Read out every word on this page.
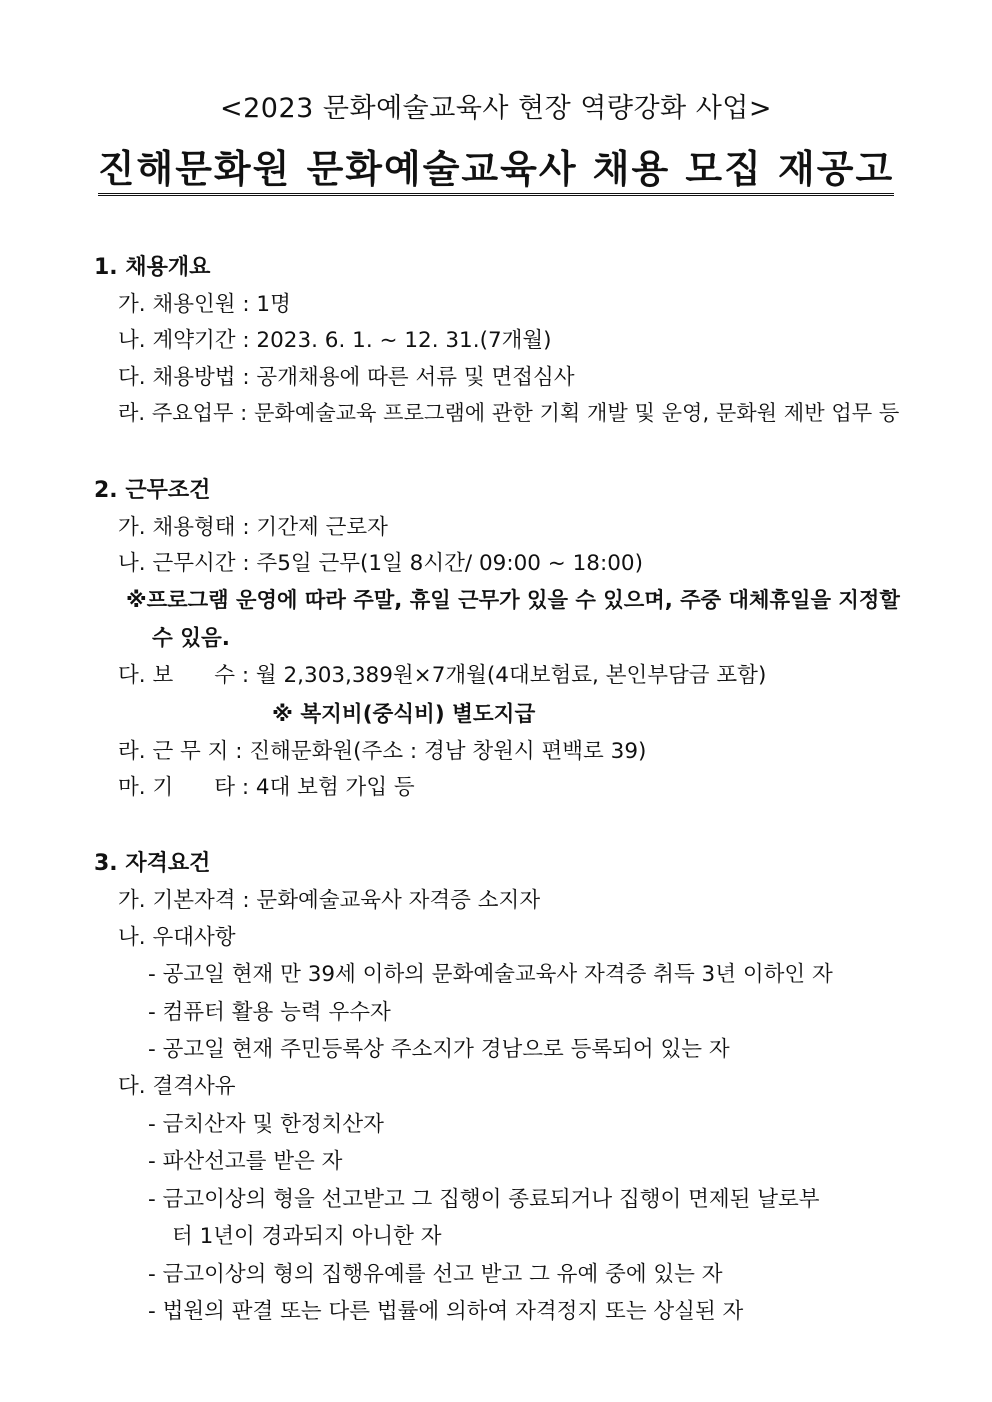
<2023 문화예술교육사 현장 역량강화 사업>
진해문화원 문화예술교육사 채용 모집 재공고
1. 채용개요
가. 채용인원 : 1명
나. 계약기간 : 2023. 6. 1. ~ 12. 31.(7개월)
다. 채용방법 : 공개채용에 따른 서류 및 면접심사
라. 주요업무 : 문화예술교육 프로그램에 관한 기획 개발 및 운영, 문화원 제반 업무 등
2. 근무조건
가. 채용형태 : 기간제 근로자
나. 근무시간 : 주5일 근무(1일 8시간/ 09:00 ~ 18:00)
※프로그램 운영에 따라 주말, 휴일 근무가 있을 수 있으며, 주중 대체휴일을 지정할
수 있음.
다. 보      수 : 월 2,303,389원×7개월(4대보험료, 본인부담금 포함)
※ 복지비(중식비) 별도지급
라. 근 무 지 : 진해문화원(주소 : 경남 창원시 편백로 39)
마. 기      타 : 4대 보험 가입 등
3. 자격요건
가. 기본자격 : 문화예술교육사 자격증 소지자
나. 우대사항
- 공고일 현재 만 39세 이하의 문화예술교육사 자격증 취득 3년 이하인 자
- 컴퓨터 활용 능력 우수자
- 공고일 현재 주민등록상 주소지가 경남으로 등록되어 있는 자
다. 결격사유
- 금치산자 및 한정치산자
- 파산선고를 받은 자
- 금고이상의 형을 선고받고 그 집행이 종료되거나 집행이 면제된 날로부
터 1년이 경과되지 아니한 자
- 금고이상의 형의 집행유예를 선고 받고 그 유예 중에 있는 자
- 법원의 판결 또는 다른 법률에 의하여 자격정지 또는 상실된 자
